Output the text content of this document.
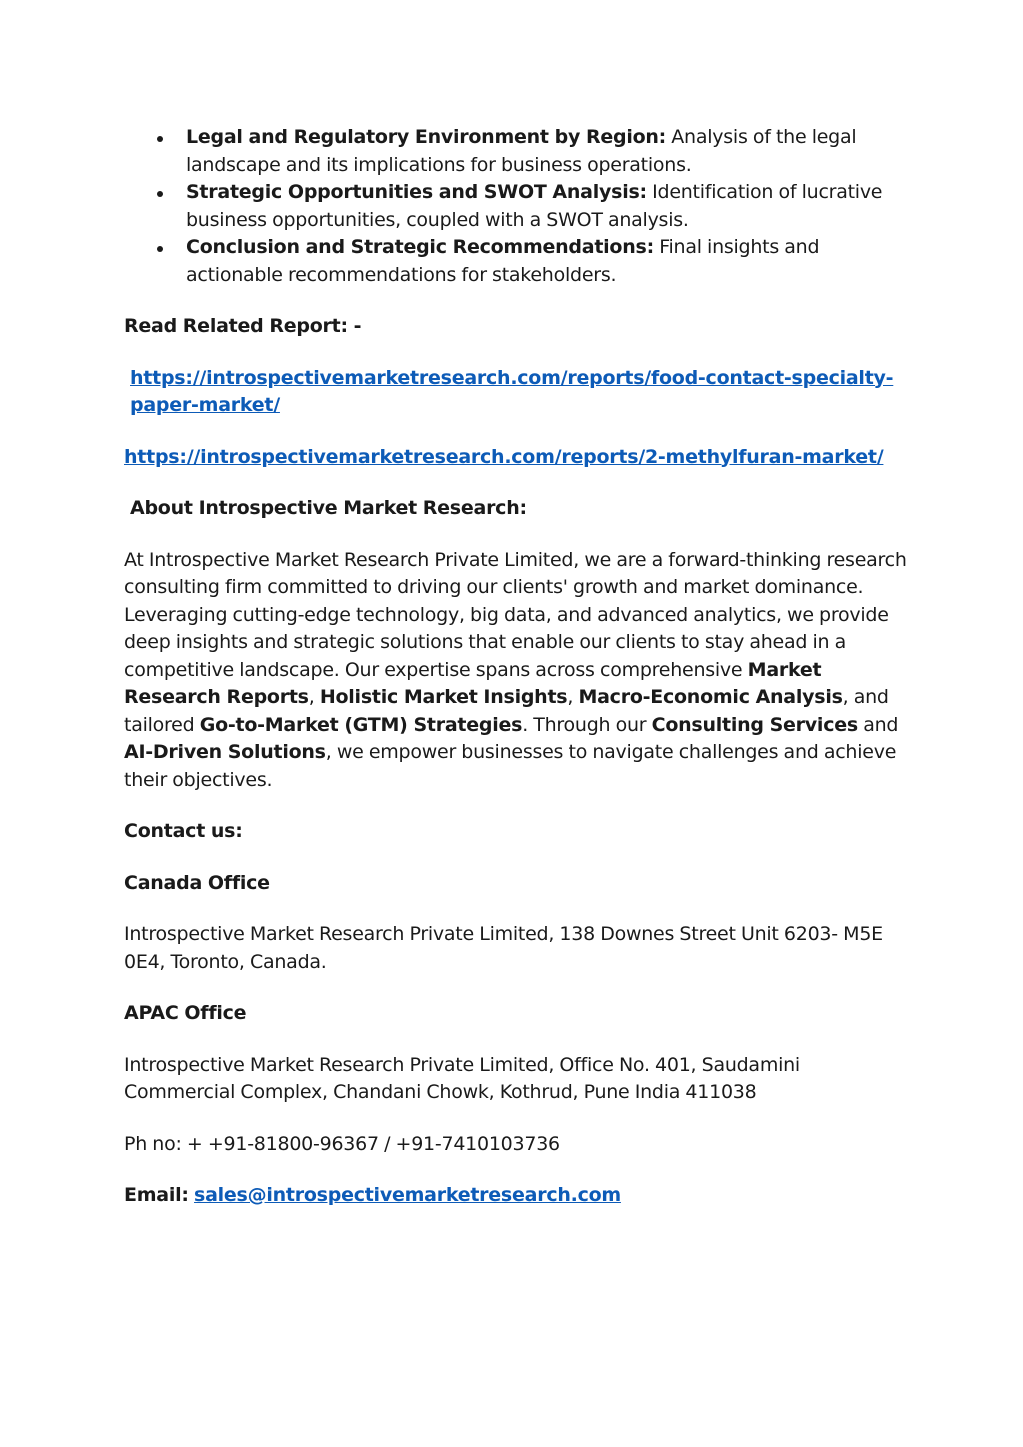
Legal and Regulatory Environment by Region: Analysis of the legal landscape and its implications for business operations.
Strategic Opportunities and SWOT Analysis: Identification of lucrative business opportunities, coupled with a SWOT analysis.
Conclusion and Strategic Recommendations: Final insights and actionable recommendations for stakeholders.

Read Related Report: -

https://introspectivemarketresearch.com/reports/food-contact-specialty-paper-market/

https://introspectivemarketresearch.com/reports/2-methylfuran-market/

About Introspective Market Research:

At Introspective Market Research Private Limited, we are a forward-thinking research consulting firm committed to driving our clients' growth and market dominance. Leveraging cutting-edge technology, big data, and advanced analytics, we provide deep insights and strategic solutions that enable our clients to stay ahead in a competitive landscape. Our expertise spans across comprehensive Market Research Reports, Holistic Market Insights, Macro-Economic Analysis, and tailored Go-to-Market (GTM) Strategies. Through our Consulting Services and AI-Driven Solutions, we empower businesses to navigate challenges and achieve their objectives.

Contact us:

Canada Office

Introspective Market Research Private Limited, 138 Downes Street Unit 6203- M5E 0E4, Toronto, Canada.

APAC Office

Introspective Market Research Private Limited, Office No. 401, Saudamini Commercial Complex, Chandani Chowk, Kothrud, Pune India 411038

Ph no: + +91-81800-96367 / +91-7410103736

Email: sales@introspectivemarketresearch.com
